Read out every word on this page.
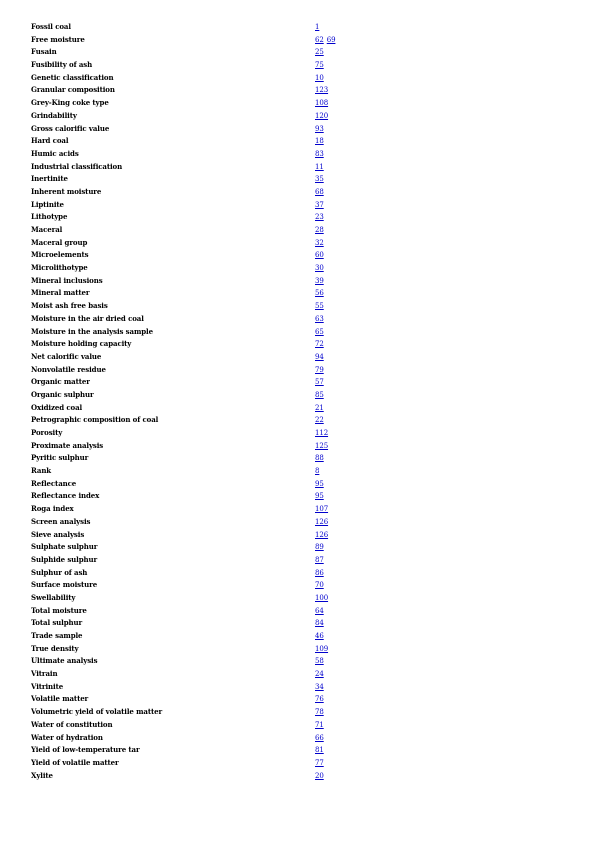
Fossil coal	1
Free moisture	62 69
Fusain	25
Fusibility of ash	75
Genetic classification	10
Granular composition	123
Grey-King coke type	108
Grindability	120
Gross calorific value	93
Hard coal	18
Humic acids	83
Industrial classification	11
Inertinite	35
Inherent moisture	68
Liptinite	37
Lithotype	23
Maceral	28
Maceral group	32
Microelements	60
Microlithotype	30
Mineral inclusions	39
Mineral matter	56
Moist ash free basis	55
Moisture in the air dried coal	63
Moisture in the analysis sample	65
Moisture holding capacity	72
Net calorific value	94
Nonvolatile residue	79
Organic matter	57
Organic sulphur	85
Oxidized coal	21
Petrographic composition of coal	22
Porosity	112
Proximate analysis	125
Pyritic sulphur	88
Rank	8
Reflectance	95
Reflectance index	95
Roga index	107
Screen analysis	126
Sieve analysis	126
Sulphate sulphur	89
Sulphide sulphur	87
Sulphur of ash	86
Surface moisture	70
Swellability	100
Total moisture	64
Total sulphur	84
Trade sample	46
True density	109
Ultimate analysis	58
Vitrain	24
Vitrinite	34
Volatile matter	76
Volumetric yield of volatile matter	78
Water of constitution	71
Water of hydration	66
Yield of low-temperature tar	81
Yield of volatile matter	77
Xylite	20
